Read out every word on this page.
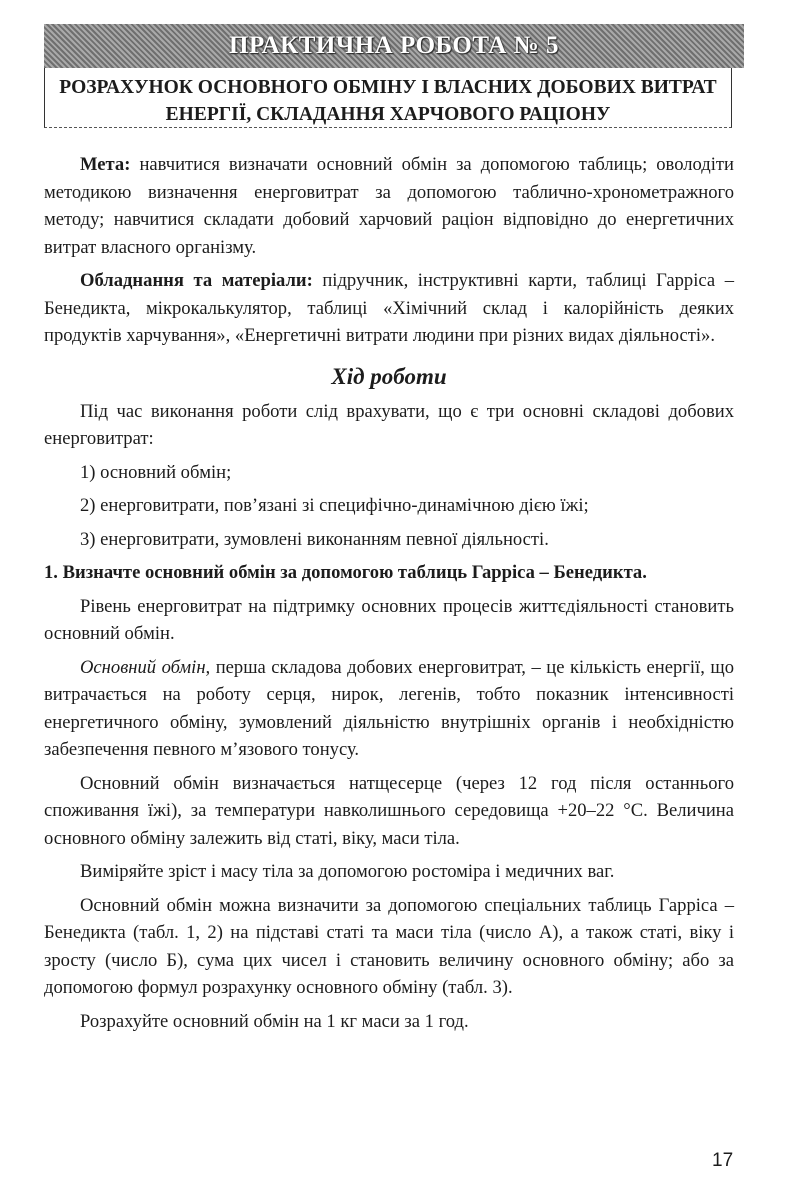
ПРАКТИЧНА РОБОТА № 5
РОЗРАХУНОК ОСНОВНОГО ОБМІНУ І ВЛАСНИХ ДОБОВИХ ВИТРАТ
ЕНЕРГІЇ, СКЛАДАННЯ ХАРЧОВОГО РАЦІОНУ

Мета: навчитися визначати основний обмін за допомогою таблиць; оволодіти методикою визначення енерговитрат за допомогою таблично-хронометражного методу; навчитися складати добовий харчовий раціон відповідно до енергетичних витрат власного організму.

Обладнання та матеріали: підручник, інструктивні карти, таблиці Гарріса – Бенедикта, мікрокалькулятор, таблиці «Хімічний склад і калорійність деяких продуктів харчування», «Енергетичні витрати людини при різних видах діяльності».

Хід роботи

Під час виконання роботи слід врахувати, що є три основні складові добових енерговитрат:

1) основний обмін;

2) енерговитрати, пов’язані зі специфічно-динамічною дією їжі;

3) енерговитрати, зумовлені виконанням певної діяльності.

1. Визначте основний обмін за допомогою таблиць Гарріса – Бенедикта.

Рівень енерговитрат на підтримку основних процесів життєдіяльності становить основний обмін.

Основний обмін, перша складова добових енерговитрат, – це кількість енергії, що витрачається на роботу серця, нирок, легенів, тобто показник інтенсивності енергетичного обміну, зумовлений діяльністю внутрішніх органів і необхідністю забезпечення певного м’язового тонусу.

Основний обмін визначається натщесерце (через 12 год після останнього споживання їжі), за температури навколишнього середовища +20–22 °С. Величина основного обміну залежить від статі, віку, маси тіла.

Виміряйте зріст і масу тіла за допомогою ростоміра і медичних ваг.

Основний обмін можна визначити за допомогою спеціальних таблиць Гарріса – Бенедикта (табл. 1, 2) на підставі статі та маси тіла (число А), а також статі, віку і зросту (число Б), сума цих чисел і становить величину основного обміну; або за допомогою формул розрахунку основного обміну (табл. 3).

Розрахуйте основний обмін на 1 кг маси за 1 год.

17
